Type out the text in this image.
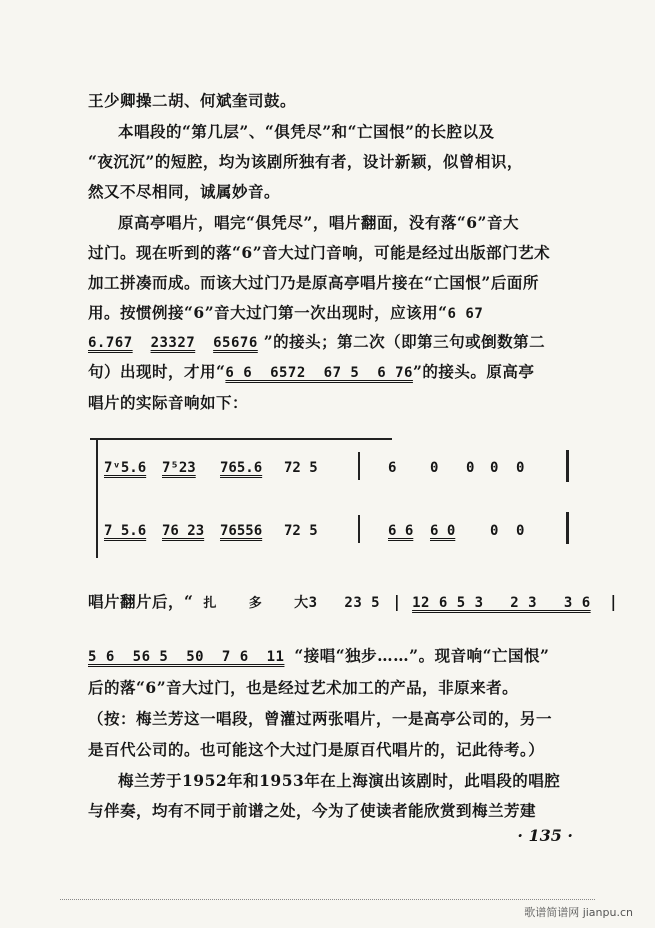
王少卿操二胡、何斌奎司鼓。
本唱段的“第几层”、“俱凭尽”和“亡国恨”的长腔以及
“夜沉沉”的短腔，均为该剧所独有者，设计新颖，似曾相识，
然又不尽相同，诚属妙音。
原高亭唱片，唱完“俱凭尽”，唱片翻面，没有落“6”音大
过门。现在听到的落“6”音大过门音响，可能是经过出版部门艺术
加工拼凑而成。而该大过门乃是原高亭唱片接在“亡国恨”后面所
用。按惯例接“6”音大过门第一次出现时，应该用“6 67
6.767 23327 65676 ”的接头；第二次（即第三句或倒数第二
句）出现时，才用“6 6  6572  67 5  6 76”的接头。原高亭
唱片的实际音响如下：
7ᵛ5.6 7⁵23 765.6 72 5	6 0 0 0 0
7 5.6 76 23 76556 72 5	6 6 6 0 0 0
唱片翻片后，“ 扎 多 大3   23 5 | 12 6 5 3   2 3   3 6 |
5 6  56 5  50  7 6  11 “接唱“独步……”。现音响“亡国恨”
后的落“6”音大过门，也是经过艺术加工的产品，非原来者。
（按：梅兰芳这一唱段，曾灌过两张唱片，一是高亭公司的，另一
是百代公司的。也可能这个大过门是原百代唱片的，记此待考。）
梅兰芳于1952年和1953年在上海演出该剧时，此唱段的唱腔
与伴奏，均有不同于前谱之处，今为了使读者能欣赏到梅兰芳建
· 135 ·
歌谱简谱网 jianpu.cn
